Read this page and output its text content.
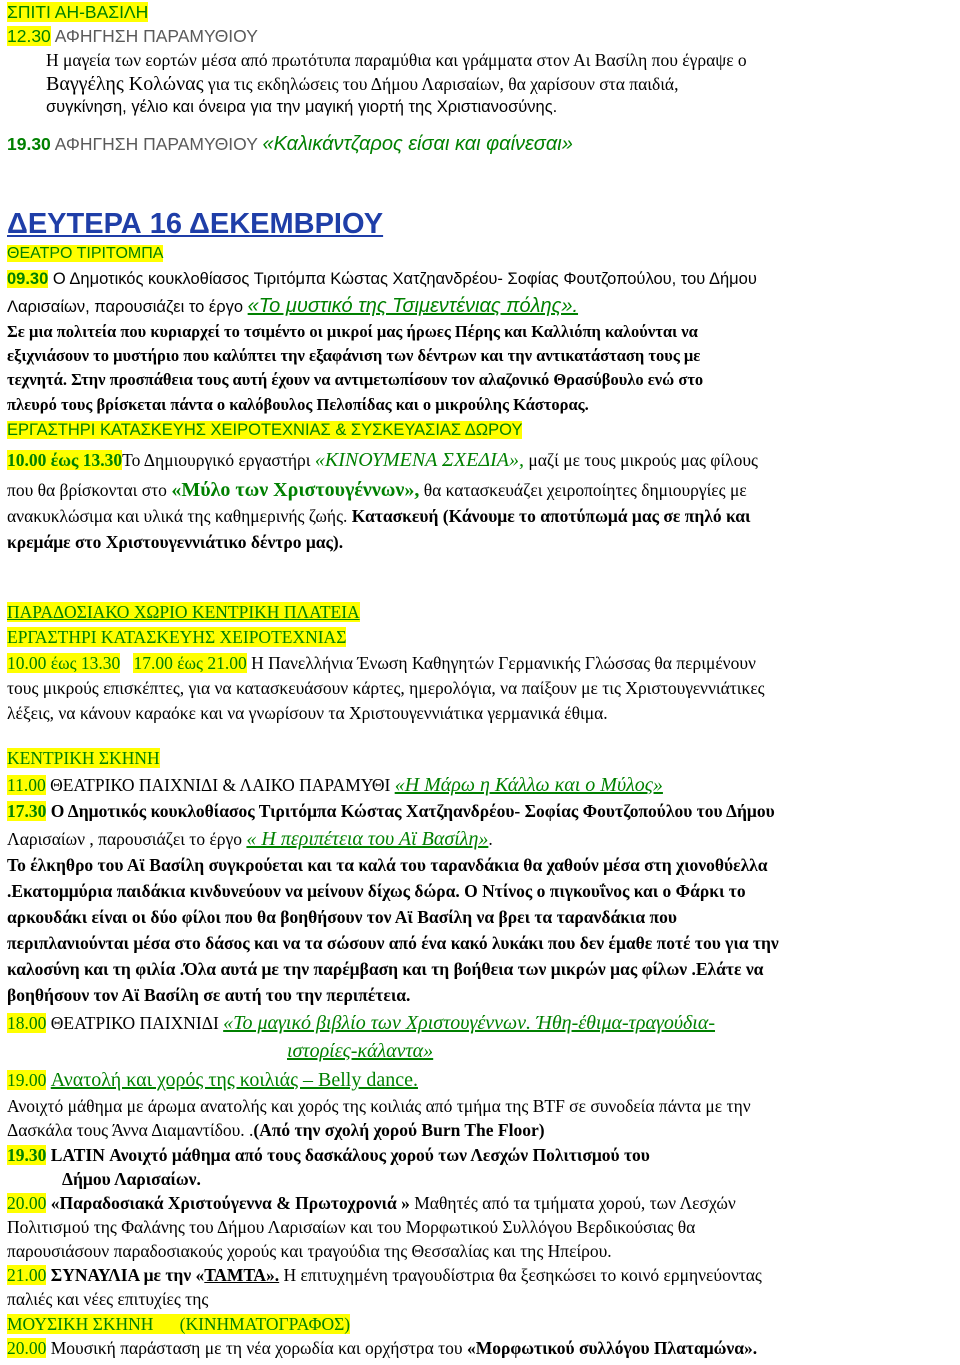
ΣΠΙΤΙ ΑΗ-ΒΑΣΙΛΗ
12.30 ΑΦΗΓΗΣΗ ΠΑΡΑΜΥΘΙΟΥ
Η μαγεία των εορτών μέσα από πρωτότυπα παραμύθια και γράμματα στον Αι Βασίλη που έγραψε ο
Βαγγέλης Κολώνας για τις εκδηλώσεις του Δήμου Λαρισαίων, θα χαρίσουν στα παιδιά,
συγκίνηση, γέλιο και όνειρα για την μαγική γιορτή της Χριστιανοσύνης.
19.30 ΑΦΗΓΗΣΗ ΠΑΡΑΜΥΘΙΟΥ «Καλικάντζαρος είσαι και φαίνεσαι»
ΔΕΥΤΕΡΑ 16 ΔΕΚΕΜΒΡΙΟΥ
ΘΕΑΤΡΟ ΤΙΡΙΤΟΜΠΑ
09.30 Ο Δημοτικός κουκλοθίασος Τιριτόμπα Κώστας Χατζηανδρέου- Σοφίας Φουτζοπούλου, του Δήμου
Λαρισαίων, παρουσιάζει το έργο «Το μυστικό της Τσιμεντένιας πόλης».
Σε μια πολιτεία που κυριαρχεί το τσιμέντο οι μικροί μας ήρωες Πέρης και Καλλιόπη καλούνται να
εξιχνιάσουν το μυστήριο που καλύπτει την εξαφάνιση των δέντρων και την αντικατάσταση τους με
τεχνητά. Στην προσπάθεια τους αυτή έχουν να αντιμετωπίσουν τον αλαζονικό Θρασύβουλο ενώ στο
πλευρό τους βρίσκεται πάντα ο καλόβουλος Πελοπίδας και ο μικρούλης Κάστορας.
ΕΡΓΑΣΤΗΡΙ ΚΑΤΑΣΚΕΥΗΣ ΧΕΙΡΟΤΕΧΝΙΑΣ & ΣΥΣΚΕΥΑΣΙΑΣ ΔΩΡΟΥ
10.00 έως 13.30Το Δημιουργικό εργαστήρι «ΚΙΝΟΥΜΕΝΑ ΣΧΕΔΙΑ», μαζί με τους μικρούς μας φίλους
που θα βρίσκονται στο «Μύλο των Χριστουγέννων», θα κατασκευάζει χειροποίητες δημιουργίες με
ανακυκλώσιμα και υλικά της καθημερινής ζωής. Κατασκευή (Κάνουμε το αποτύπωμά μας σε πηλό και
κρεμάμε στο Χριστουγεννιάτικο δέντρο μας).
ΠΑΡΑΔΟΣΙΑΚΟ ΧΩΡΙΟ ΚΕΝΤΡΙΚΗ ΠΛΑΤΕΙΑ
ΕΡΓΑΣΤΗΡΙ ΚΑΤΑΣΚΕΥΗΣ ΧΕΙΡΟΤΕΧΝΙΑΣ
10.00 έως 13.30 17.00 έως 21.00 Η Πανελλήνια Ένωση Καθηγητών Γερμανικής Γλώσσας θα περιμένουν
τους μικρούς επισκέπτες, για να κατασκευάσουν κάρτες, ημερολόγια, να παίξουν με τις Χριστουγεννιάτικες
λέξεις, να κάνουν καραόκε και να γνωρίσουν τα Χριστουγεννιάτικα γερμανικά έθιμα.
ΚΕΝΤΡΙΚΗ ΣΚΗΝΗ
11.00 ΘΕΑΤΡΙΚΟ ΠΑΙΧΝΙΔΙ & ΛΑΙΚΟ ΠΑΡΑΜΥΘΙ «Η Μάρω η Κάλλω και ο Μύλος»
17.30 Ο Δημοτικός κουκλοθίασος Τιριτόμπα Κώστας Χατζηανδρέου- Σοφίας Φουτζοπούλου του Δήμου
Λαρισαίων , παρουσιάζει το έργο « Η περιπέτεια του Αϊ Βασίλη».
Το έλκηθρο του Αϊ Βασίλη συγκρούεται και τα καλά του ταρανδάκια θα χαθούν μέσα στη χιονοθύελλα
.Εκατομμύρια παιδάκια κινδυνεύουν να μείνουν δίχως δώρα. Ο Ντίνος ο πιγκουΐνος και ο Φάρκι το
αρκουδάκι είναι οι δύο φίλοι που θα βοηθήσουν τον Αϊ Βασίλη να βρει τα ταρανδάκια που
περιπλανιούνται μέσα στο δάσος και να τα σώσουν από ένα κακό λυκάκι που δεν έμαθε ποτέ του για την
καλοσύνη και τη φιλία .Όλα αυτά με την παρέμβαση και τη βοήθεια των μικρών μας φίλων .Ελάτε να
βοηθήσουν τον Αϊ Βασίλη σε αυτή του την περιπέτεια.
18.00 ΘΕΑΤΡΙΚΟ ΠΑΙΧΝΙΔΙ «Το μαγικό βιβλίο των Χριστουγέννων. Ήθη-έθιμα-τραγούδια-
ιστορίες-κάλαντα»
19.00 Ανατολή και χορός της κοιλιάς – Belly dance.
Ανοιχτό μάθημα με άρωμα ανατολής και χορός της κοιλιάς από τμήμα της BTF σε συνοδεία πάντα με την
Δασκάλα τους Άννα Διαμαντίδου. .(Από την σχολή χορού Burn The Floor)
19.30 LATIN Ανοιχτό μάθημα από τους δασκάλους χορού των Λεσχών Πολιτισμού του
Δήμου Λαρισαίων.
20.00 «Παραδοσιακά Χριστούγεννα & Πρωτοχρονιά » Μαθητές από τα τμήματα χορού, των Λεσχών
Πολιτισμού της Φαλάνης του Δήμου Λαρισαίων και του Μορφωτικού Συλλόγου Βερδικούσιας θα
παρουσιάσουν παραδοσιακούς χορούς και τραγούδια της Θεσσαλίας και της Ηπείρου.
21.00 ΣΥΝΑΥΛΙΑ με την «ΤΑΜΤΑ». Η επιτυχημένη τραγουδίστρια θα ξεσηκώσει το κοινό ερμηνεύοντας
παλιές και νέες επιτυχίες της
ΜΟΥΣΙΚΗ ΣΚΗΝΗ      (ΚΙΝΗΜΑΤΟΓΡΑΦΟΣ)
20.00 Μουσική παράσταση με τη νέα χορωδία και ορχήστρα του «Μορφωτικού συλλόγου Πλαταμώνα».
